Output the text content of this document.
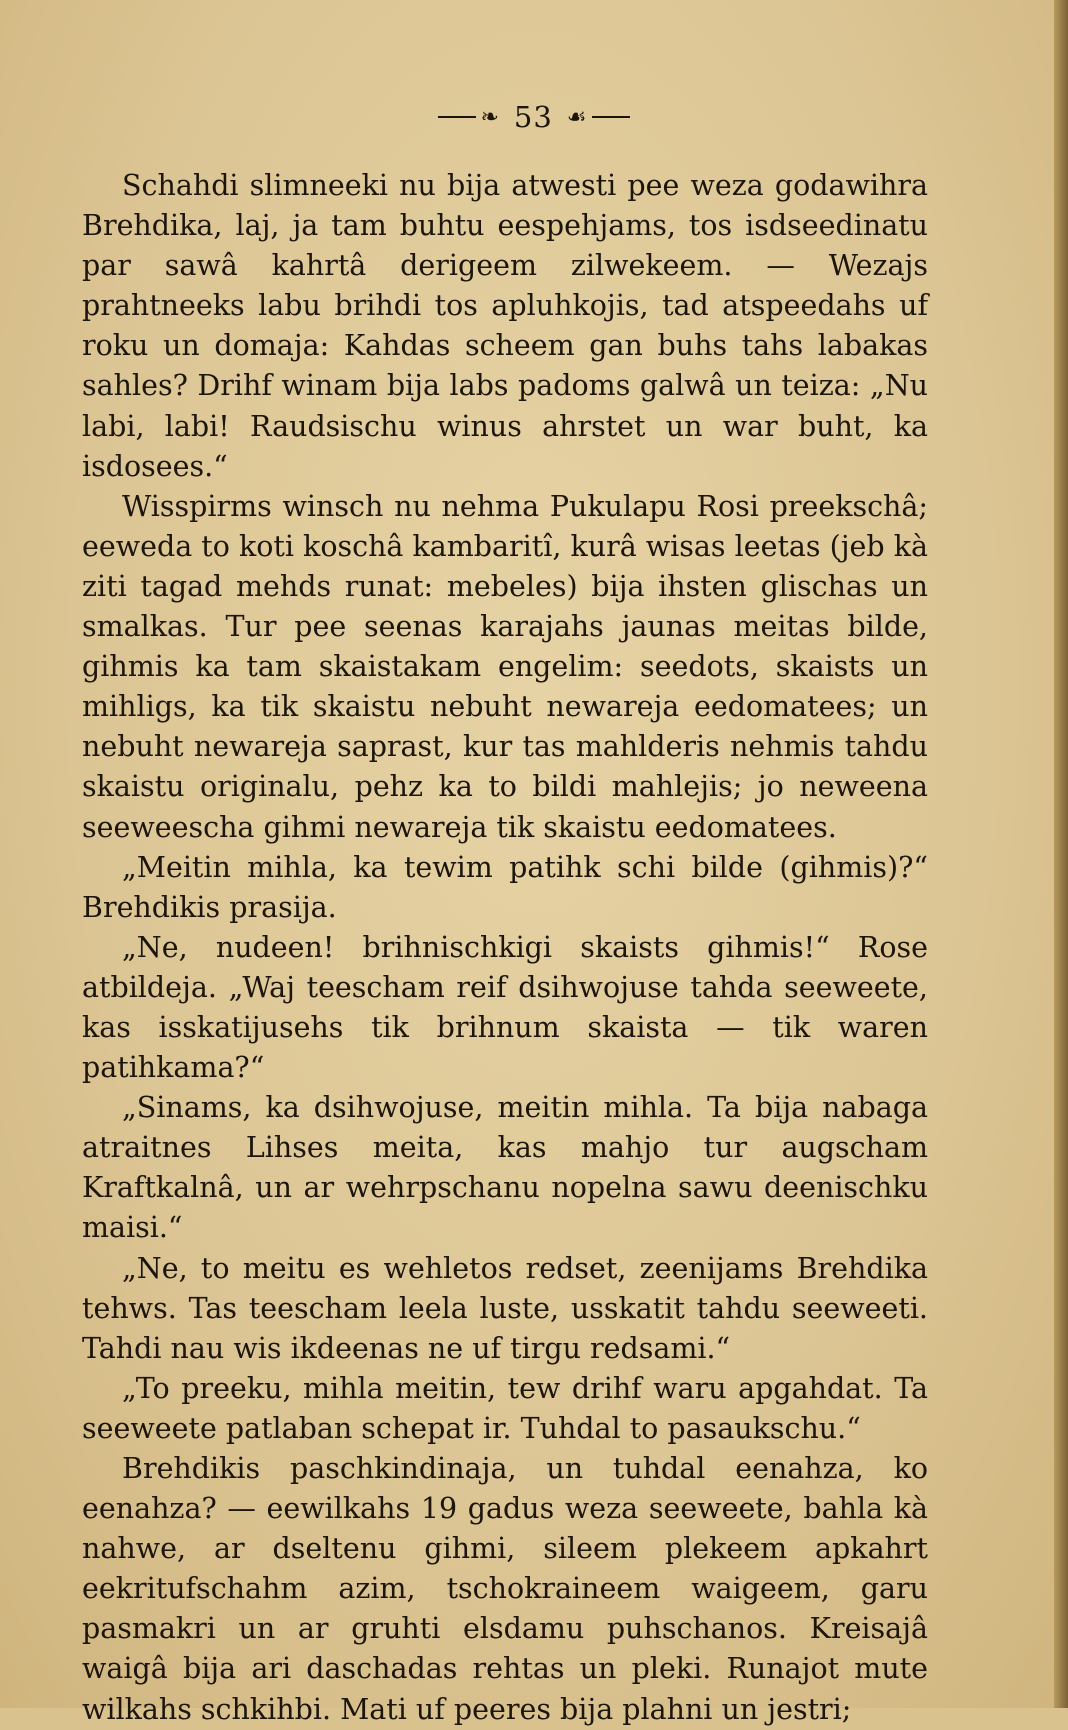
❧ 53 ☙

Schahdi slimneeki nu bija atwesti pee weza godawihra Brehdika, laj, ja tam buhtu eespehjams, tos isdseedinatu par sawâ kahrtâ derigeem zilwekeem. — Wezajs prahtneeks labu brihdi tos apluhkojis, tad atspeedahs uf roku un domaja: Kahdas scheem gan buhs tahs labakas sahles? Drihf winam bija labs padoms galwâ un teiza: „Nu labi, labi! Raudsischu winus ahrstet un war buht, ka isdosees.“

Wisspirms winsch nu nehma Pukulapu Rosi preekschâ; eeweda to koti koschâ kambaritî, kurâ wisas leetas (jeb kà ziti tagad mehds runat: mebeles) bija ihsten glischas un smalkas. Tur pee seenas karajahs jaunas meitas bilde, gihmis ka tam skaistakam engelim: seedots, skaists un mihligs, ka tik skaistu nebuht newareja eedomatees; un nebuht newareja saprast, kur tas mahlderis nehmis tahdu skaistu originalu, pehz ka to bildi mahlejis; jo neweena seeweescha gihmi newareja tik skaistu eedomatees.

„Meitin mihla, ka tewim patihk schi bilde (gihmis)?“ Brehdikis prasija.

„Ne, nudeen! brihnischkigi skaists gihmis!“ Rose atbildeja. „Waj teescham reif dsihwojuse tahda seeweete, kas isskatijusehs tik brihnum skaista — tik waren patihkama?“

„Sinams, ka dsihwojuse, meitin mihla. Ta bija nabaga atraitnes Lihses meita, kas mahjo tur augscham Kraftkalnâ, un ar wehrpschanu nopelna sawu deenischku maisi.“

„Ne, to meitu es wehletos redset, zeenijams Brehdika tehws. Tas teescham leela luste, usskatit tahdu seeweeti. Tahdi nau wis ikdeenas ne uf tirgu redsami.“

„To preeku, mihla meitin, tew drihf waru apgahdat. Ta seeweete patlaban schepat ir. Tuhdal to pasaukschu.“

Brehdikis paschkindinaja, un tuhdal eenahza, ko eenahza? — eewilkahs 19 gadus weza seeweete, bahla kà nahwe, ar dseltenu gihmi, sileem plekeem apkahrt eekritufschahm azim, tschokraineem waigeem, garu pasmakri un ar gruhti elsdamu puhschanos. Kreisajâ waigâ bija ari daschadas rehtas un pleki. Runajot mute wilkahs schkihbi. Mati uf peeres bija plahni un jestri;
